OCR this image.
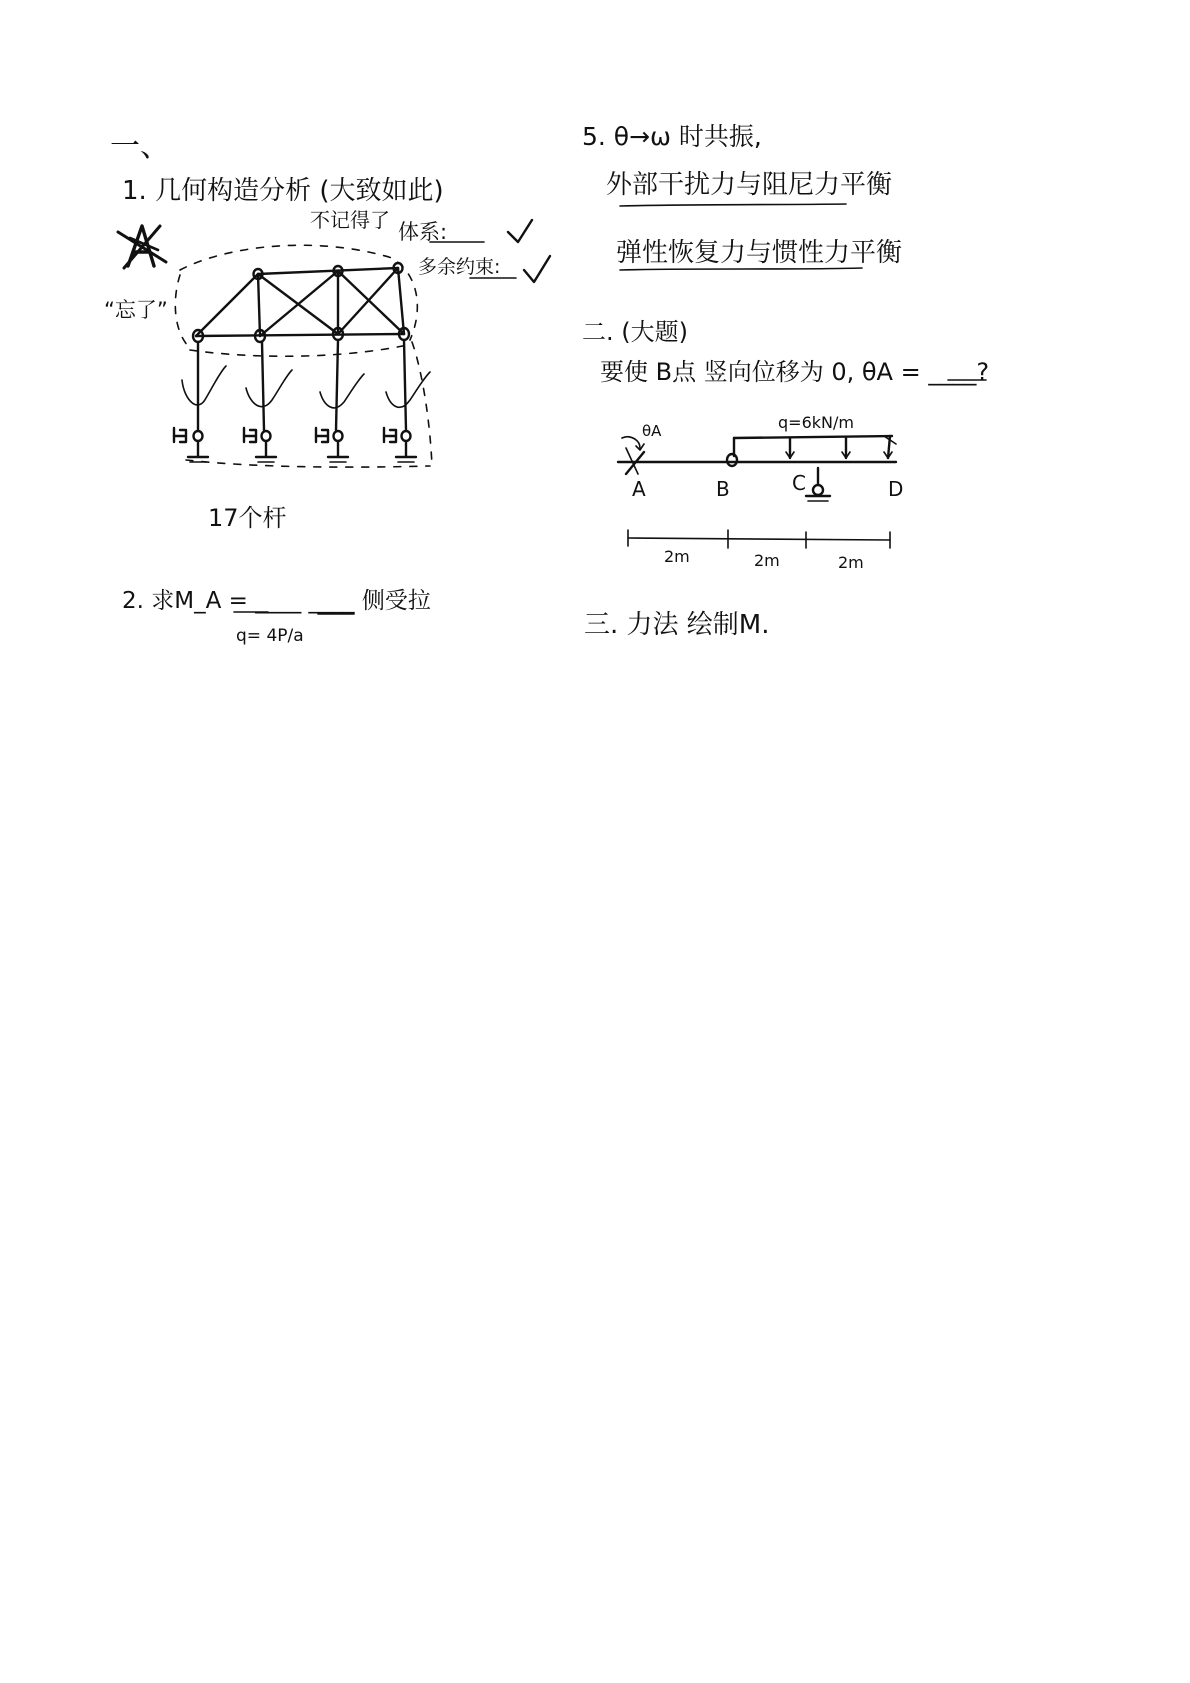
一、
1. 几何构造分析 (大致如此)
不记得了 体系:
多余约束:
“忘了”
17个杆
2. 求M_A = ____ ____ 侧受拉
q= 4P/a
5. θ→ω 时共振,
外部干扰力与阻尼力平衡
弹性恢复力与惯性力平衡
二. (大题)
要使 B点 竖向位移为 0, θA = ____?
三. 力法 绘制M.
θA	q=6kN/m
A	B	C	D
2m	2m	2m
